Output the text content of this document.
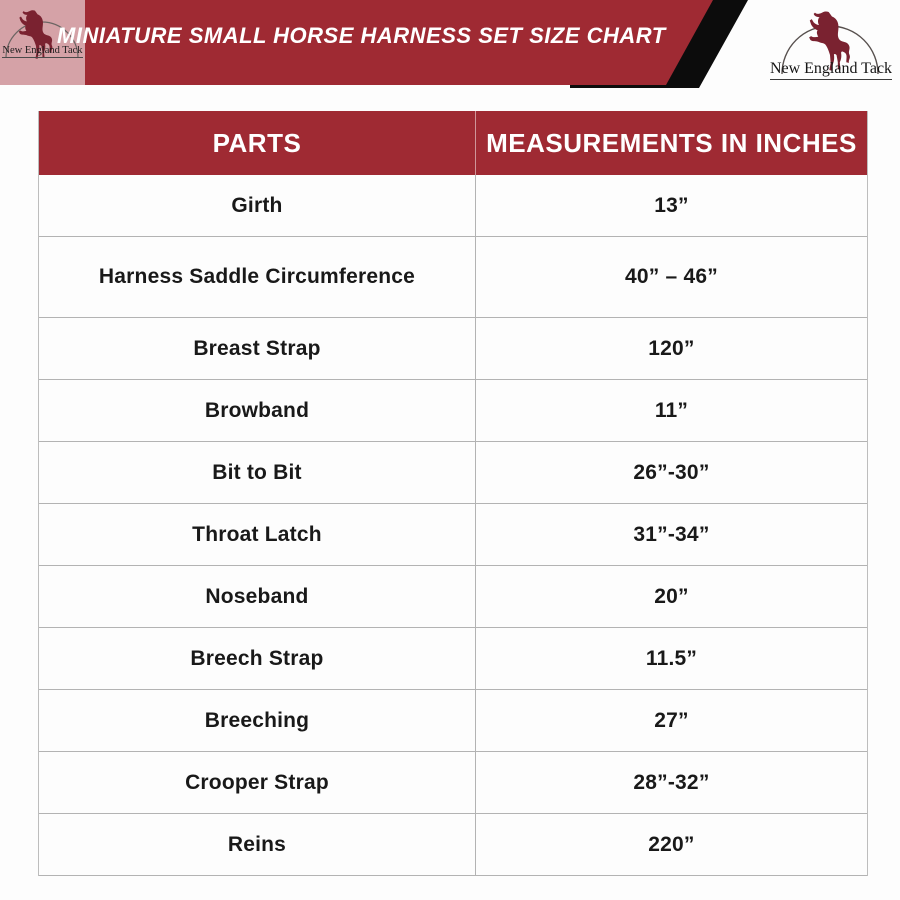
New England Tack
MINIATURE SMALL HORSE HARNESS SET SIZE CHART
New England Tack
PARTS	MEASUREMENTS IN INCHES
Girth	13”
Harness Saddle Circumference	40” – 46”
Breast Strap	120”
Browband	11”
Bit to Bit	26”-30”
Throat Latch	31”-34”
Noseband	20”
Breech Strap	11.5”
Breeching	27”
Crooper Strap	28”-32”
Reins	220”
